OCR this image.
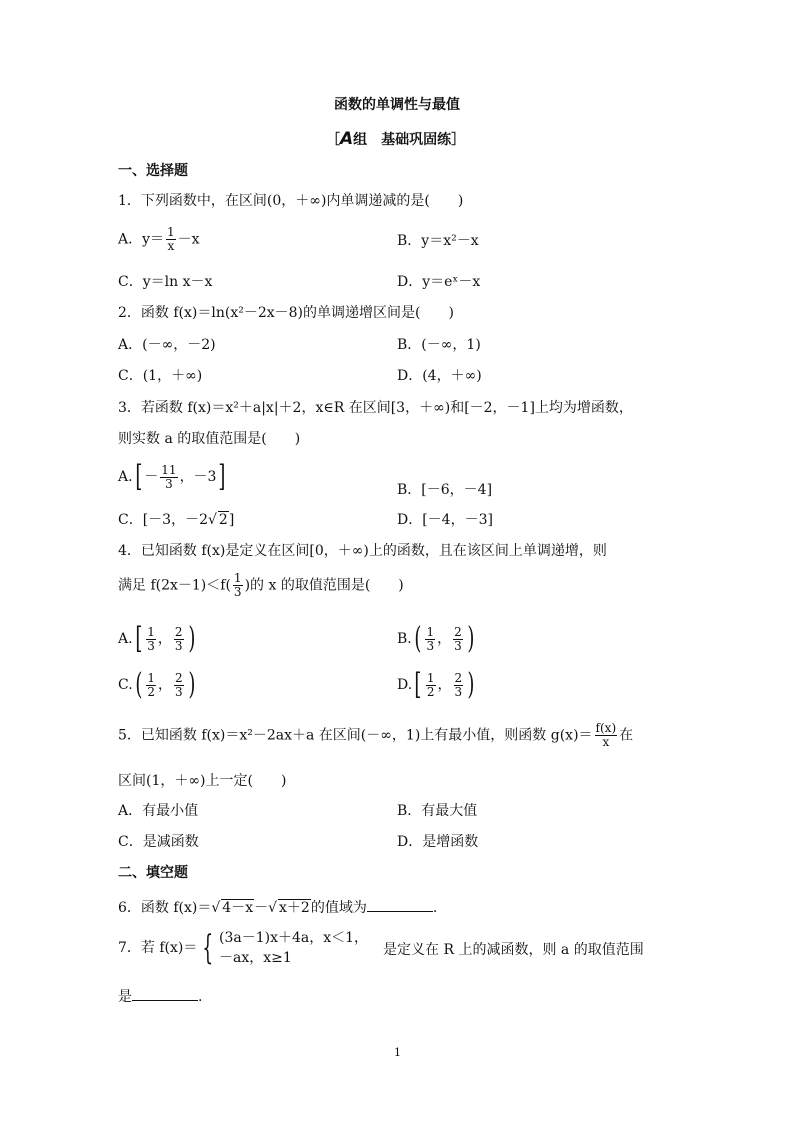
函数的单调性与最值
［A组　基础巩固练］
一、选择题
1．下列函数中，在区间(0，＋∞)内单调递减的是(　　)
A．$y= \frac{1}{x} -x$	B．y＝x²－x
C．y＝ln x－x	D．y＝eˣ－x
2．函数 f(x)＝ln(x²－2x－8)的单调递增区间是(　　)
A．(－∞，－2)	B．(－∞，1)
C．(1，＋∞)	D．(4，＋∞)
3．若函数 f(x)＝x²＋a|x|＋2，x∈R 在区间[3，＋∞)和[－2，－1]上均为增函数，
则实数 a 的取值范围是(　　)
$A.[ - \frac{11}{3}$ ，－3]	B．[－6，－4]
C．[－3，－2√ 2]	D．[－4，－3]
4．已知函数 f(x)是定义在区间[0，＋∞)上的函数，且在该区间上单调递增，则
满足 $f(2x-1)<f( \frac{1}{3}$ )的 x 的取值范围是(　　)
$A.[ \frac{1}{3}$ ， $\frac{2}{3}$ )	$B.( \frac{1}{3}$ ， $\frac{2}{3}$ )
$C.( \frac{1}{2}$ ， $\frac{2}{3}$ )	$D.[ \frac{1}{2}$ ， $\frac{2}{3}$ )
5．已知函数 f(x)＝x²－2ax＋a 在区间(－∞，1)上有最小值，则函数 $g(x)= \frac{f(x)}{x}$ 在
区间(1，＋∞)上一定(　　)
A．有最小值	B．有最大值
C．是减函数	D．是增函数
二、填空题
6．函数 f(x)＝√ 4－x－√ x＋2的值域为	.
7．若 f(x)＝ { (3a－1)x＋4a，x＜1，
－ax，x≥1	是定义在 R 上的减函数，则 a 的取值范围
是	.
1
